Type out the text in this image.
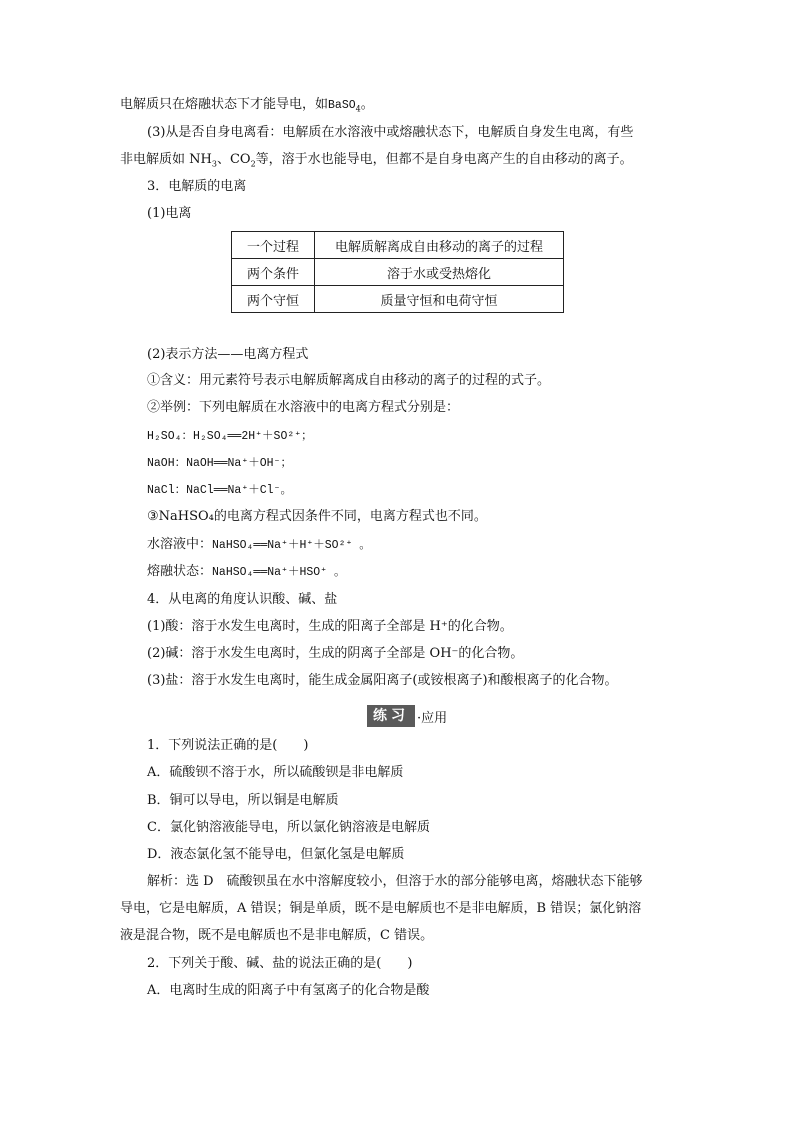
电解质只在熔融状态下才能导电，如BaSO$_4$。
(3)从是否自身电离看：电解质在水溶液中或熔融状态下，电解质自身发生电离，有些
非电解质如 $NH_3$、$CO_2$等，溶于水也能导电，但都不是自身电离产生的自由移动的离子。
3．电解质的电离
(1)电离
一个过程	电解质解离成自由移动的离子的过程
两个条件	溶于水或受热熔化
两个守恒	质量守恒和电荷守恒
(2)表示方法——电离方程式
①含义：用元素符号表示电解质解离成自由移动的离子的过程的式子。
②举例：下列电解质在水溶液中的电离方程式分别是：
H₂SO₄：H₂SO₄══2H⁺＋SO²⁺；
NaOH：NaOH══Na⁺＋OH⁻；
NaCl：NaCl══Na⁺＋Cl⁻。
③NaHSO₄的电离方程式因条件不同，电离方程式也不同。
水溶液中：NaHSO₄══Na⁺＋H⁺＋SO²⁺ 。
熔融状态：NaHSO₄══Na⁺＋HSO⁺ 。
4．从电离的角度认识酸、碱、盐
(1)酸：溶于水发生电离时，生成的阳离子全部是 H⁺的化合物。
(2)碱：溶于水发生电离时，生成的阴离子全部是 OH⁻的化合物。
(3)盐：溶于水发生电离时，能生成金属阳离子(或铵根离子)和酸根离子的化合物。
练习 ·应用
1．下列说法正确的是(　　)
A．硫酸钡不溶于水，所以硫酸钡是非电解质
B．铜可以导电，所以铜是电解质
C．氯化钠溶液能导电，所以氯化钠溶液是电解质
D．液态氯化氢不能导电，但氯化氢是电解质
解析：选 D　硫酸钡虽在水中溶解度较小，但溶于水的部分能够电离，熔融状态下能够
导电，它是电解质，A 错误；铜是单质，既不是电解质也不是非电解质，B 错误；氯化钠溶
液是混合物，既不是电解质也不是非电解质，C 错误。
2．下列关于酸、碱、盐的说法正确的是(　　)
A．电离时生成的阳离子中有氢离子的化合物是酸
